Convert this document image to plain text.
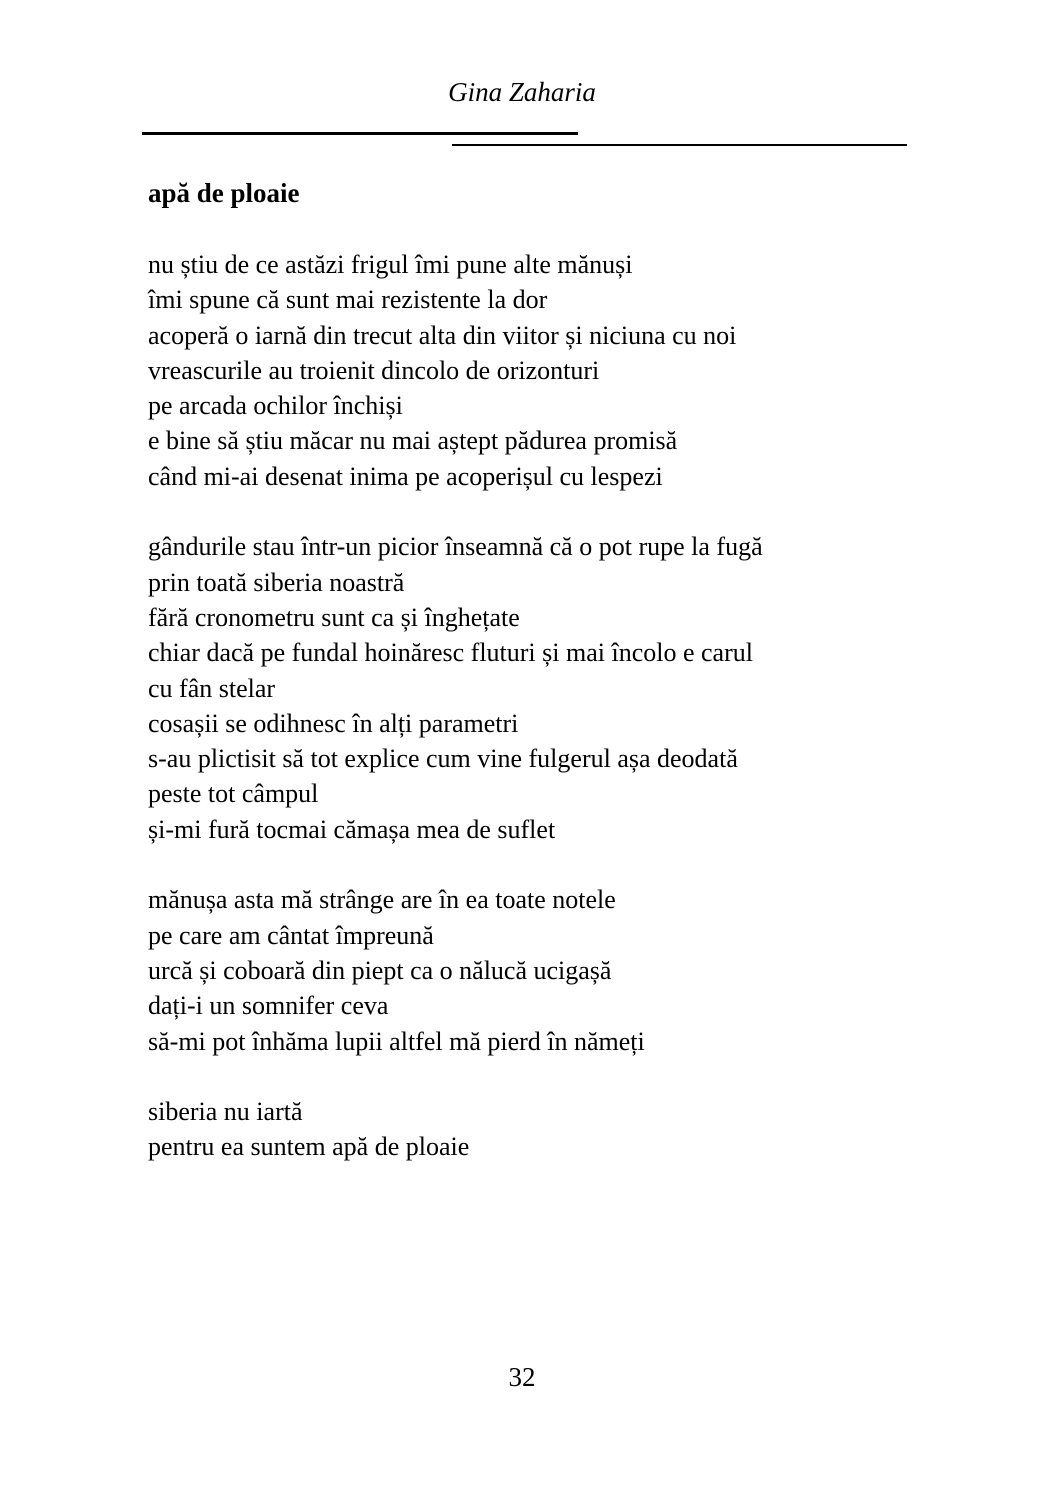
Gina Zaharia
apă de ploaie
nu știu de ce astăzi frigul îmi pune alte mănuși
îmi spune că sunt mai rezistente la dor
acoperă o iarnă din trecut alta din viitor și niciuna cu noi
vreascurile au troienit dincolo de orizonturi
pe arcada ochilor închiși
e bine să știu măcar nu mai aștept pădurea promisă
când mi-ai desenat inima pe acoperișul cu lespezi
gândurile stau într-un picior înseamnă că o pot rupe la fugă
prin toată siberia noastră
fără cronometru sunt ca și înghețate
chiar dacă pe fundal hoinăresc fluturi și mai încolo e carul
cu fân stelar
cosașii se odihnesc în alți parametri
s-au plictisit să tot explice cum vine fulgerul așa deodată
peste tot câmpul
și-mi fură tocmai cămașa mea de suflet
mănușa asta mă strânge are în ea toate notele
pe care am cântat împreună
urcă și coboară din piept ca o nălucă ucigașă
dați-i un somnifer ceva
să-mi pot înhăma lupii altfel mă pierd în nămeți
siberia nu iartă
pentru ea suntem apă de ploaie
32
